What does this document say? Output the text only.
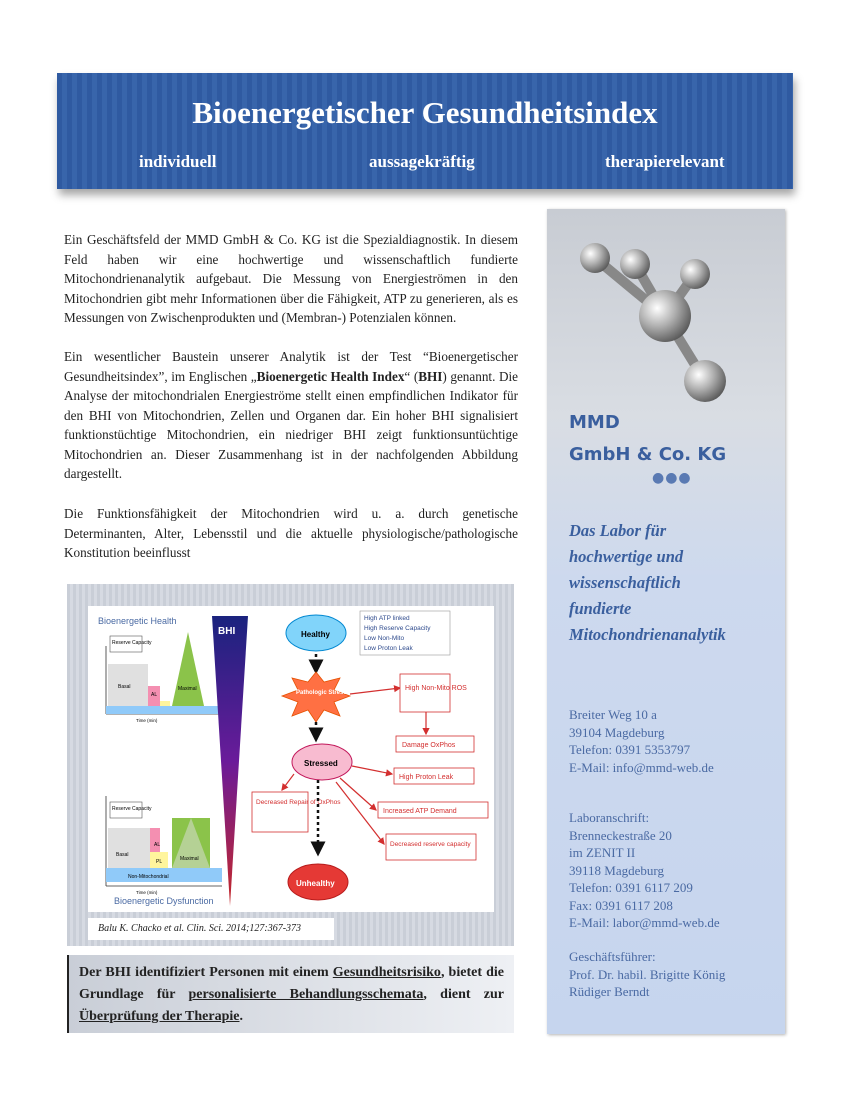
Bioenergetischer Gesundheitsindex
individuell	aussagekräftig	therapierelevant
Ein Geschäftsfeld der MMD GmbH & Co. KG ist die Spezialdiagnostik. In diesem Feld haben wir eine hochwertige und wissenschaftlich fundierte Mitochondrienanalytik aufgebaut. Die Messung von Energieströmen in den Mitochondrien gibt mehr Informationen über die Fähigkeit, ATP zu generieren, als es Messungen von Zwischenprodukten und (Membran-) Potenzialen können.
Ein wesentlicher Baustein unserer Analytik ist der Test “Bioenergetischer Gesundheitsindex”, im Englischen „Bioenergetic Health Index“ (BHI) genannt. Die Analyse der mitochondrialen Energieströme stellt einen empfindlichen Indikator für den BHI von Mitochondrien, Zellen und Organen dar. Ein hoher BHI signalisiert funktionstüchtige Mitochondrien, ein niedriger BHI zeigt funktionsuntüchtige Mitochondrien an. Dieser Zusammenhang ist in der nachfolgenden Abbildung dargestellt.
Die Funktionsfähigkeit der Mitochondrien wird u. a. durch genetische Determinanten, Alter, Lebensstil und die aktuelle physiologische/pathologische Konstitution beeinflusst
Bioenergetic Health
Reserve Capacity
Basal
AL
Maximal
Time (min)
Reserve Capacity
Basal
AL
PL	Maximal
Non-Mitochondrial
Time (min)
Bioenergetic Dysfunction
BHI	Healthy
High ATP linked
High Reserve Capacity
Low Non-Mito
Low Proton Leak
Pathologic Stress
High Non-Mito ROS
Stressed
Damage OxPhos
High Proton Leak
Decreased Repair of OxPhos
Increased ATP Demand
Decreased reserve capacity
Unhealthy
Balu K. Chacko et al. Clin. Sci. 2014;127:367-373
Der BHI identifiziert Personen mit einem Gesundheitsrisiko, bietet die Grundlage für personalisierte Behandlungsschemata, dient zur Überprüfung der Therapie.
MMD
GmbH & Co. KG
●●●
Das Labor für
hochwertige und
wissenschaftlich
fundierte
Mitochondrienanalytik
Breiter Weg 10 a
39104 Magdeburg
Telefon: 0391 5353797
E-Mail: info@mmd-web.de
Laboranschrift:
Brenneckestraße 20
im ZENIT II
39118 Magdeburg
Telefon: 0391 6117 209
Fax: 0391 6117 208
E-Mail: labor@mmd-web.de
Geschäftsführer:
Prof. Dr. habil. Brigitte König
Rüdiger Berndt
